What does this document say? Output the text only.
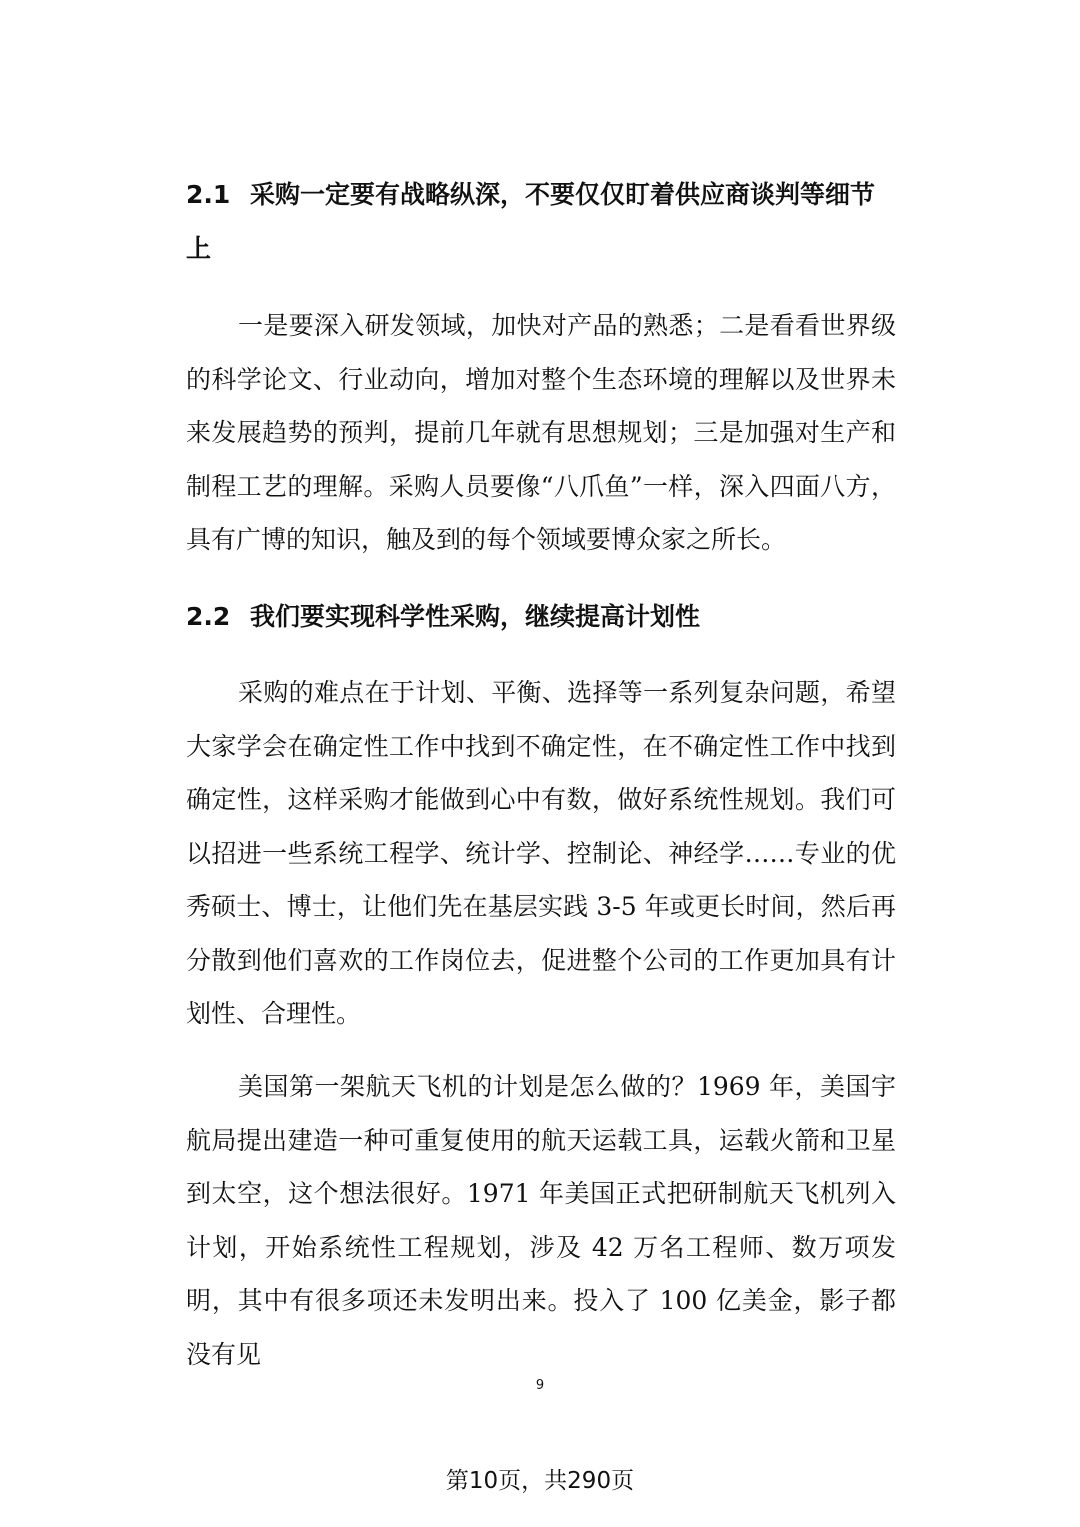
2.1 采购一定要有战略纵深，不要仅仅盯着供应商谈判等细节上

一是要深入研发领域，加快对产品的熟悉；二是看看世界级的科学论文、行业动向，增加对整个生态环境的理解以及世界未来发展趋势的预判，提前几年就有思想规划；三是加强对生产和制程工艺的理解。采购人员要像“八爪鱼”一样，深入四面八方，具有广博的知识，触及到的每个领域要博众家之所长。

2.2 我们要实现科学性采购，继续提高计划性

采购的难点在于计划、平衡、选择等一系列复杂问题，希望大家学会在确定性工作中找到不确定性，在不确定性工作中找到确定性，这样采购才能做到心中有数，做好系统性规划。我们可以招进一些系统工程学、统计学、控制论、神经学……专业的优秀硕士、博士，让他们先在基层实践 3-5 年或更长时间，然后再分散到他们喜欢的工作岗位去，促进整个公司的工作更加具有计划性、合理性。

美国第一架航天飞机的计划是怎么做的？1969 年，美国宇航局提出建造一种可重复使用的航天运载工具，运载火箭和卫星到太空，这个想法很好。1971 年美国正式把研制航天飞机列入计划，开始系统性工程规划，涉及 42 万名工程师、数万项发明，其中有很多项还未发明出来。投入了 100 亿美金，影子都没有见

9
第10页，共290页
